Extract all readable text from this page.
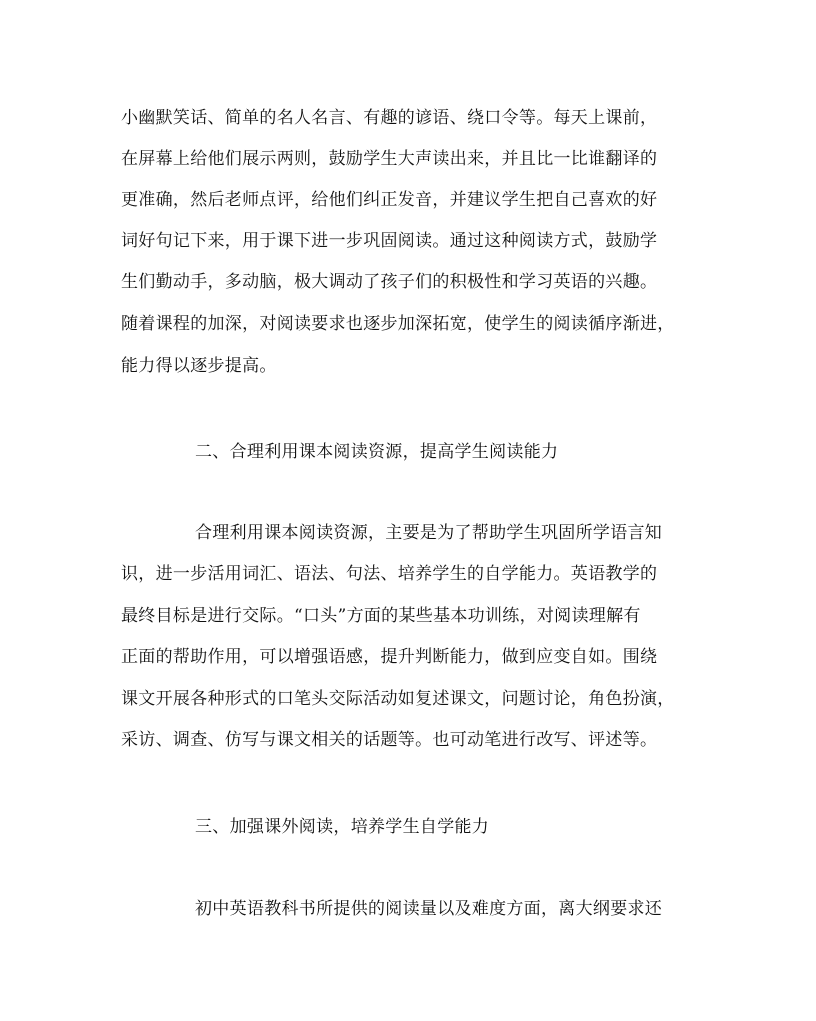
小幽默笑话、简单的名人名言、有趣的谚语、绕口令等。每天上课前，
在屏幕上给他们展示两则，鼓励学生大声读出来，并且比一比谁翻译的
更准确，然后老师点评，给他们纠正发音，并建议学生把自己喜欢的好
词好句记下来，用于课下进一步巩固阅读。通过这种阅读方式，鼓励学
生们勤动手，多动脑，极大调动了孩子们的积极性和学习英语的兴趣。
随着课程的加深，对阅读要求也逐步加深拓宽，使学生的阅读循序渐进，
能力得以逐步提高。
二、合理利用课本阅读资源，提高学生阅读能力
合理利用课本阅读资源，主要是为了帮助学生巩固所学语言知
识，进一步活用词汇、语法、句法、培养学生的自学能力。英语教学的
最终目标是进行交际。“口头”方面的某些基本功训练，对阅读理解有
正面的帮助作用，可以增强语感，提升判断能力，做到应变自如。围绕
课文开展各种形式的口笔头交际活动如复述课文，问题讨论，角色扮演，
采访、调查、仿写与课文相关的话题等。也可动笔进行改写、评述等。
三、加强课外阅读，培养学生自学能力
初中英语教科书所提供的阅读量以及难度方面，离大纲要求还
